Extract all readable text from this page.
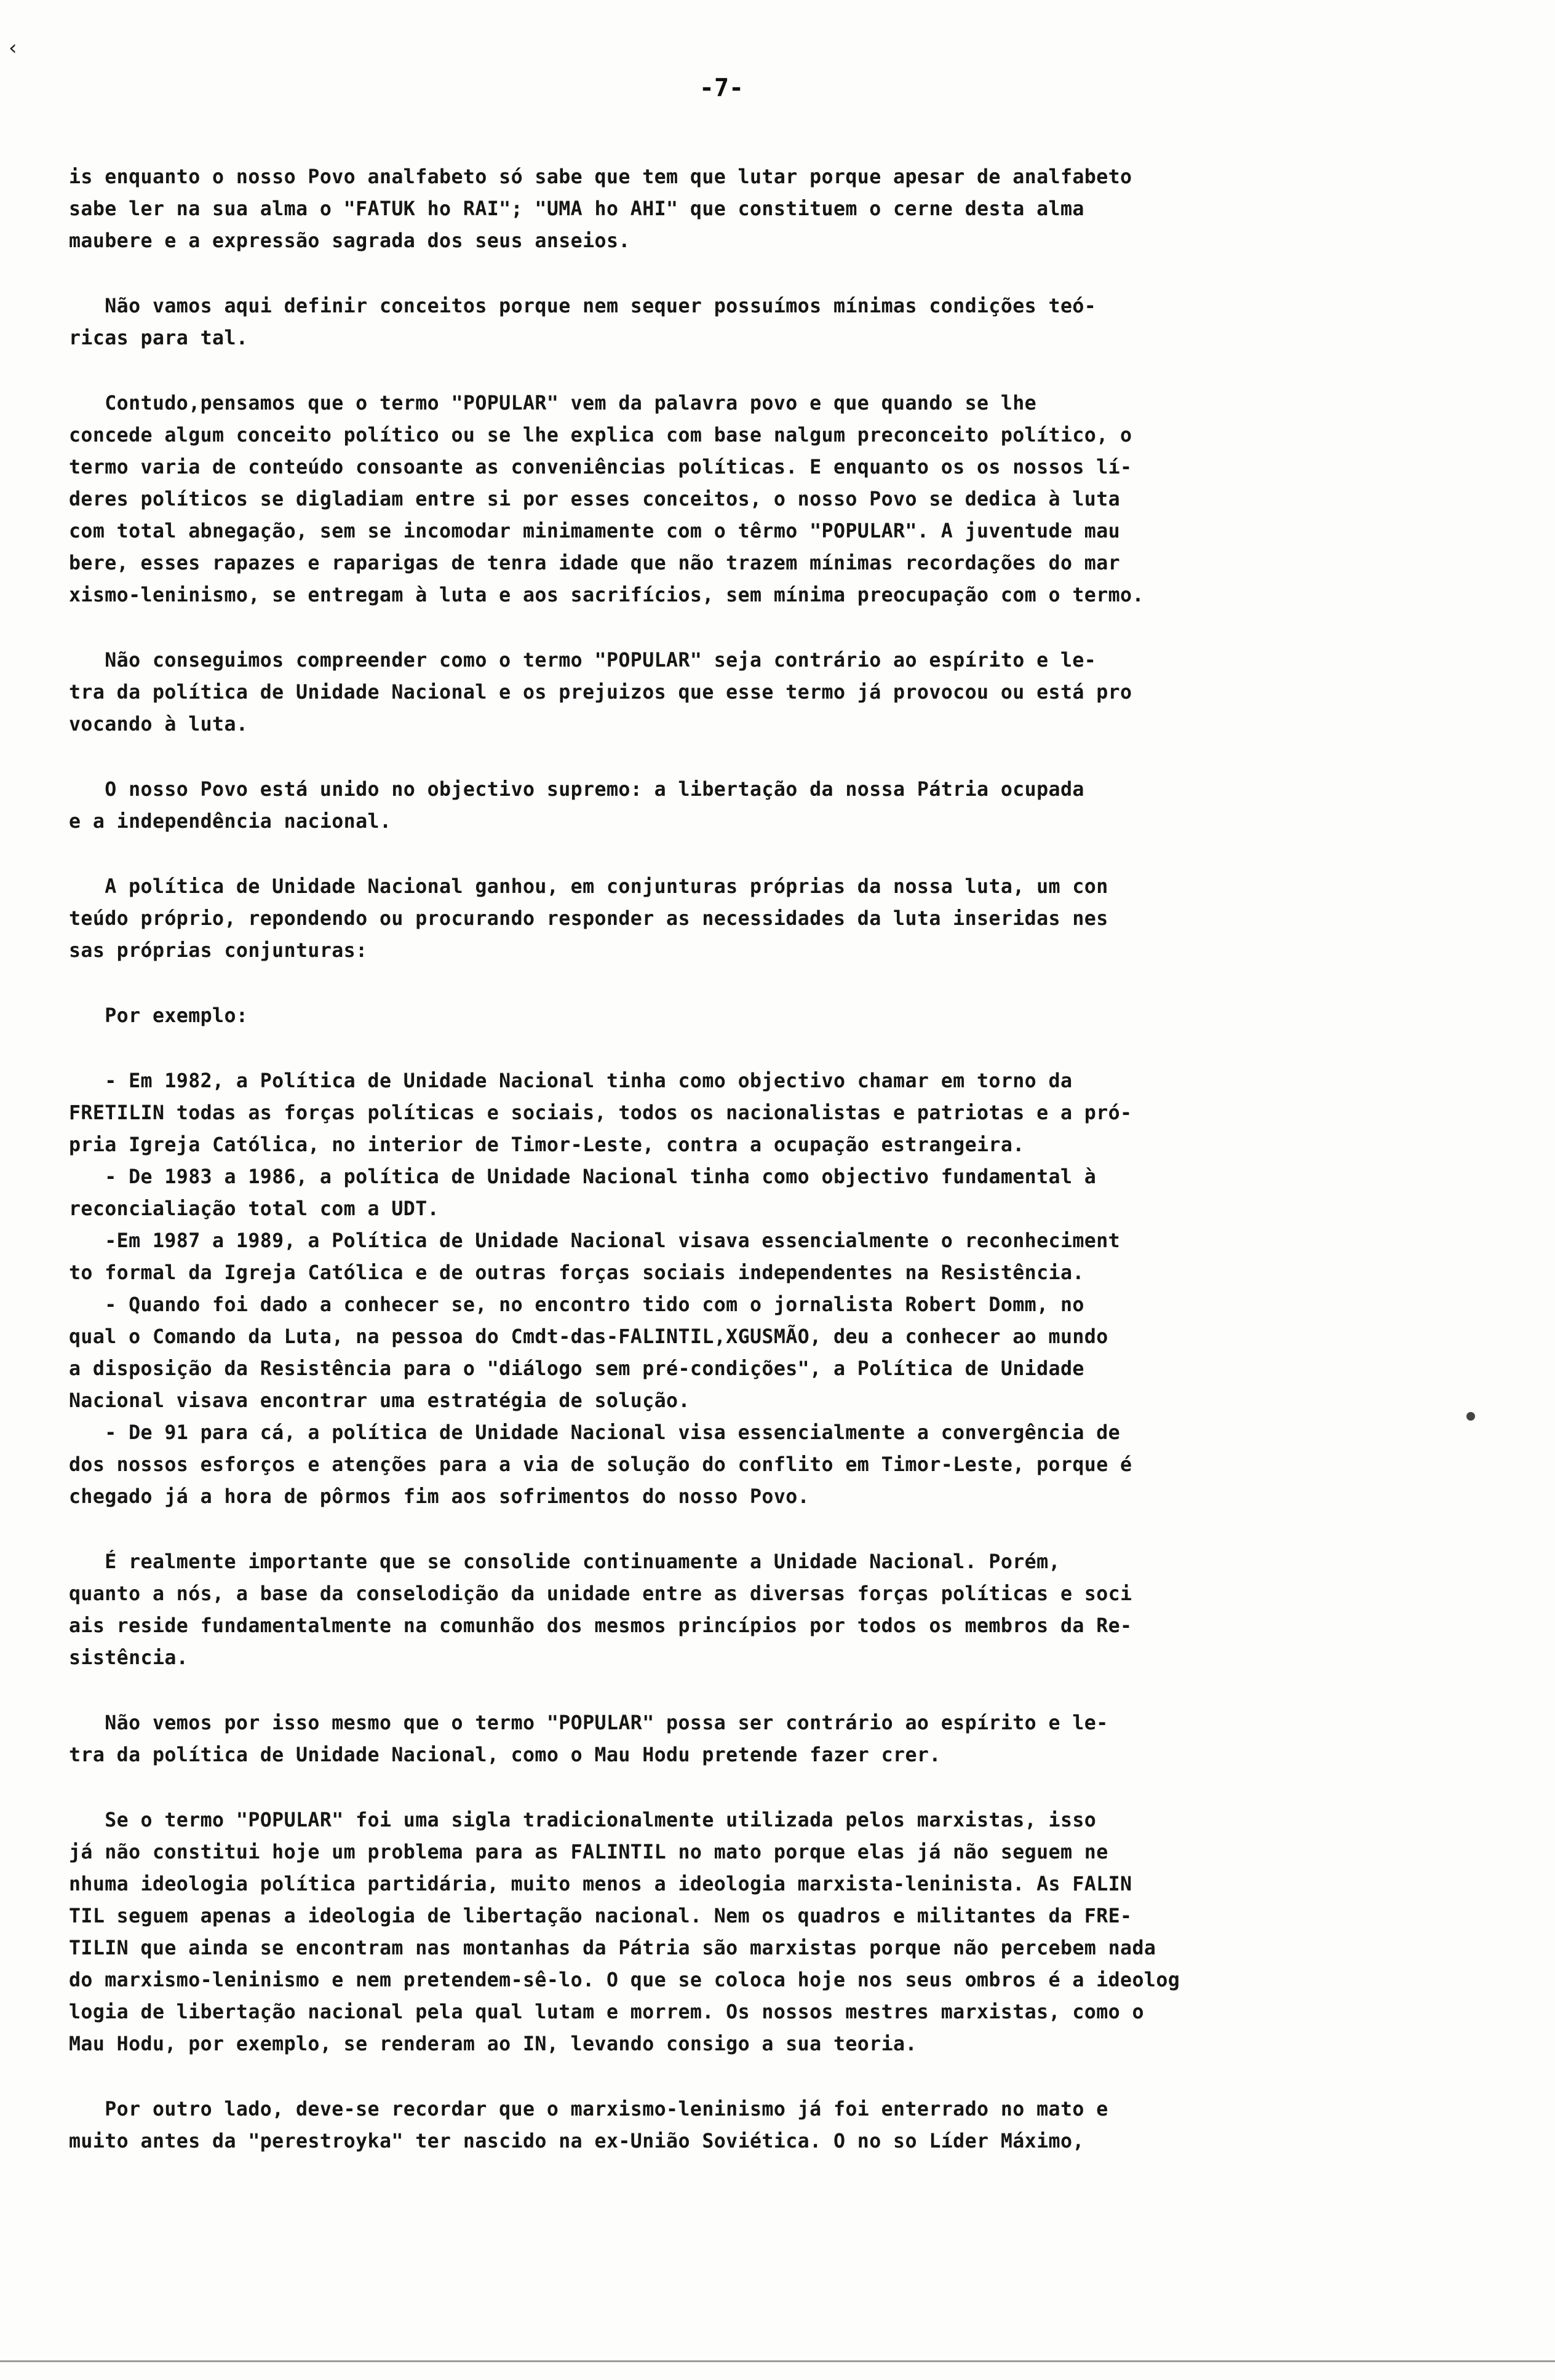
‹
-7-
is enquanto o nosso Povo analfabeto só sabe que tem que lutar porque apesar de analfabeto
sabe ler na sua alma o "FATUK ho RAI"; "UMA ho AHI" que constituem o cerne desta alma
maubere e a expressão sagrada dos seus anseios.
Não vamos aqui definir conceitos porque nem sequer possuímos mínimas condições teó-
ricas para tal.
Contudo,pensamos que o termo "POPULAR" vem da palavra povo e que quando se lhe
concede algum conceito político ou se lhe explica com base nalgum preconceito político, o
termo varia de conteúdo consoante as conveniências políticas. E enquanto os os nossos lí-
deres políticos se digladiam entre si por esses conceitos, o nosso Povo se dedica à luta
com total abnegação, sem se incomodar minimamente com o têrmo "POPULAR". A juventude mau
bere, esses rapazes e raparigas de tenra idade que não trazem mínimas recordações do mar
xismo-leninismo, se entregam à luta e aos sacrifícios, sem mínima preocupação com o termo.
Não conseguimos compreender como o termo "POPULAR" seja contrário ao espírito e le-
tra da política de Unidade Nacional e os prejuizos que esse termo já provocou ou está pro
vocando à luta.
O nosso Povo está unido no objectivo supremo: a libertação da nossa Pátria ocupada
e a independência nacional.
A política de Unidade Nacional ganhou, em conjunturas próprias da nossa luta, um con
teúdo próprio, repondendo ou procurando responder as necessidades da luta inseridas nes
sas próprias conjunturas:
Por exemplo:
- Em 1982, a Política de Unidade Nacional tinha como objectivo chamar em torno da
FRETILIN todas as forças políticas e sociais, todos os nacionalistas e patriotas e a pró-
pria Igreja Católica, no interior de Timor-Leste, contra a ocupação estrangeira.
- De 1983 a 1986, a política de Unidade Nacional tinha como objectivo fundamental à
reconcialiação total com a UDT.
-Em 1987 a 1989, a Política de Unidade Nacional visava essencialmente o reconheciment
to formal da Igreja Católica e de outras forças sociais independentes na Resistência.
- Quando foi dado a conhecer se, no encontro tido com o jornalista Robert Domm, no
qual o Comando da Luta, na pessoa do Cmdt-das-FALINTIL,XGUSMÃO, deu a conhecer ao mundo
a disposição da Resistência para o "diálogo sem pré-condições", a Política de Unidade
Nacional visava encontrar uma estratégia de solução.
- De 91 para cá, a política de Unidade Nacional visa essencialmente a convergência de
dos nossos esforços e atenções para a via de solução do conflito em Timor-Leste, porque é
chegado já a hora de pôrmos fim aos sofrimentos do nosso Povo.
É realmente importante que se consolide continuamente a Unidade Nacional. Porém,
quanto a nós, a base da conselodição da unidade entre as diversas forças políticas e soci
ais reside fundamentalmente na comunhão dos mesmos princípios por todos os membros da Re-
sistência.
Não vemos por isso mesmo que o termo "POPULAR" possa ser contrário ao espírito e le-
tra da política de Unidade Nacional, como o Mau Hodu pretende fazer crer.
Se o termo "POPULAR" foi uma sigla tradicionalmente utilizada pelos marxistas, isso
já não constitui hoje um problema para as FALINTIL no mato porque elas já não seguem ne
nhuma ideologia política partidária, muito menos a ideologia marxista-leninista. As FALIN
TIL seguem apenas a ideologia de libertação nacional. Nem os quadros e militantes da FRE-
TILIN que ainda se encontram nas montanhas da Pátria são marxistas porque não percebem nada
do marxismo-leninismo e nem pretendem-sê-lo. O que se coloca hoje nos seus ombros é a ideolog
logia de libertação nacional pela qual lutam e morrem. Os nossos mestres marxistas, como o
Mau Hodu, por exemplo, se renderam ao IN, levando consigo a sua teoria.
Por outro lado, deve-se recordar que o marxismo-leninismo já foi enterrado no mato e
muito antes da "perestroyka" ter nascido na ex-União Soviética. O no so Líder Máximo,
